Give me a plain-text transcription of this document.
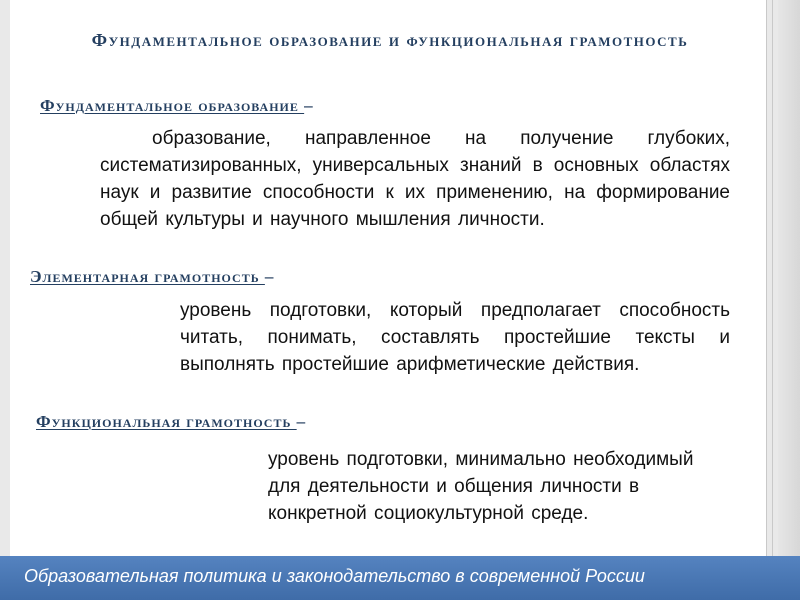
Фундаментальное образование и функциональная грамотность
Фундаментальное образование –
образование, направленное на получение глубоких, систематизированных, универсальных знаний в основных областях наук и развитие способности к их применению, на формирование общей культуры и научного мышления личности.
Элементарная грамотность –
уровень подготовки, который предполагает способность читать, понимать, составлять простейшие тексты и выполнять простейшие арифметические действия.
Функциональная грамотность –
уровень подготовки, минимально необходимый для деятельности и общения личности в конкретной социокультурной среде.
Образовательная политика и законодательство в современной России
